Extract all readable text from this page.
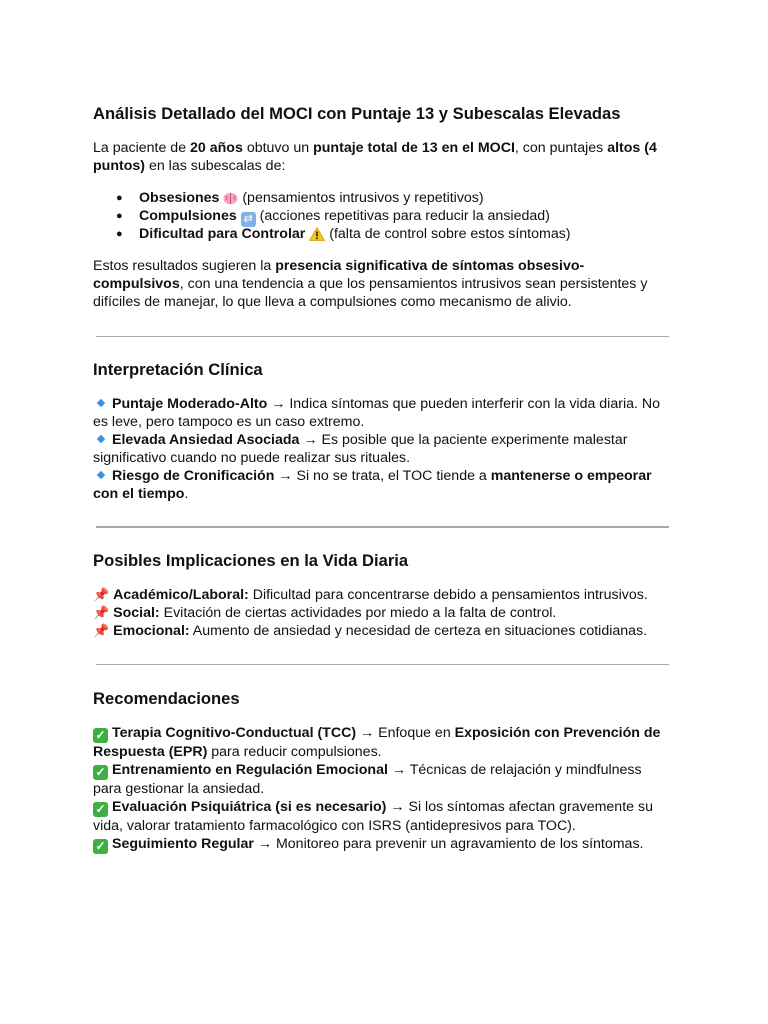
Análisis Detallado del MOCI con Puntaje 13 y Subescalas Elevadas

La paciente de 20 años obtuvo un puntaje total de 13 en el MOCI, con puntajes altos (4 puntos) en las subescalas de:

● Obsesiones  (pensamientos intrusivos y repetitivos)
● Compulsiones ⇄ (acciones repetitivas para reducir la ansiedad)
● Dificultad para Controlar  (falta de control sobre estos síntomas)

Estos resultados sugieren la presencia significativa de síntomas obsesivo-compulsivos, con una tendencia a que los pensamientos intrusivos sean persistentes y difíciles de manejar, lo que lleva a compulsiones como mecanismo de alivio.

Interpretación Clínica
Puntaje Moderado-Alto → Indica síntomas que pueden interferir con la vida diaria. No es leve, pero tampoco es un caso extremo.
Elevada Ansiedad Asociada → Es posible que la paciente experimente malestar significativo cuando no puede realizar sus rituales.
Riesgo de Cronificación → Si no se trata, el TOC tiende a mantenerse o empeorar con el tiempo.
Posibles Implicaciones en la Vida Diaria
📌 Académico/Laboral: Dificultad para concentrarse debido a pensamientos intrusivos.
📌 Social: Evitación de ciertas actividades por miedo a la falta de control.
📌 Emocional: Aumento de ansiedad y necesidad de certeza en situaciones cotidianas.
Recomendaciones
✓ Terapia Cognitivo-Conductual (TCC) → Enfoque en Exposición con Prevención de Respuesta (EPR) para reducir compulsiones.
✓ Entrenamiento en Regulación Emocional → Técnicas de relajación y mindfulness para gestionar la ansiedad.
✓ Evaluación Psiquiátrica (si es necesario) → Si los síntomas afectan gravemente su vida, valorar tratamiento farmacológico con ISRS (antidepresivos para TOC).
✓ Seguimiento Regular → Monitoreo para prevenir un agravamiento de los síntomas.
